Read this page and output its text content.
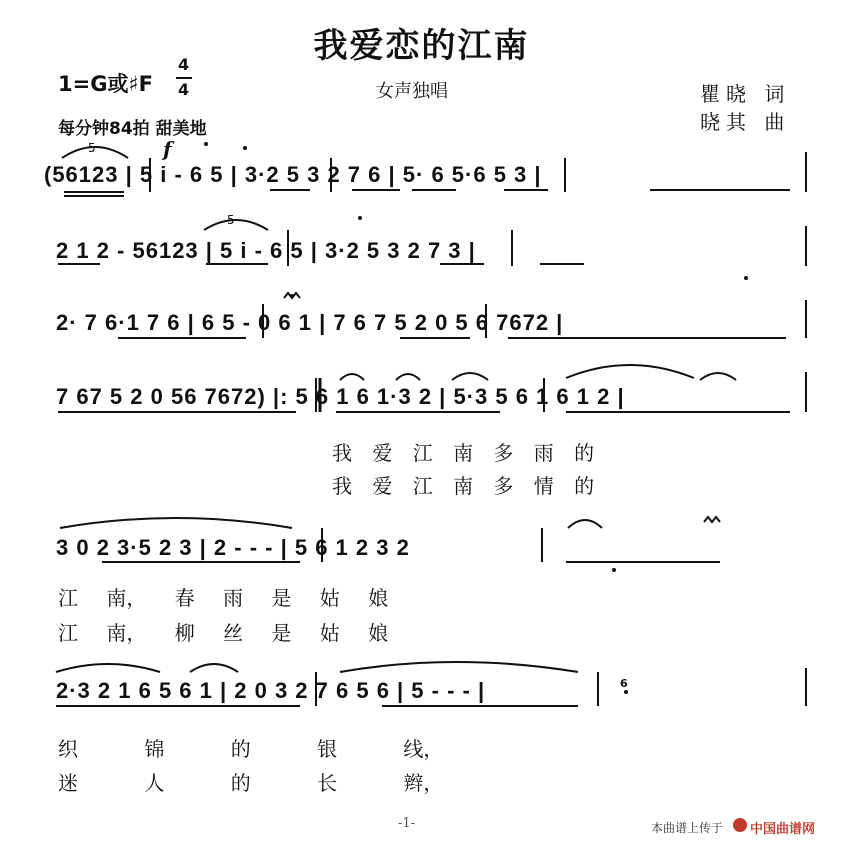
我爱恋的江南
1=G或♯F
4
4
每分钟84拍 甜美地
女声独唱	瞿晓 词
晓其 曲
f
5
5
6
(56123 | 5 i - 6 5 | 3·2 5 3 2 7 6 | 5· 6 5·6 5 3 |
2 1 2 - 56123 | 5 i - 6 5 | 3·2 5 3 2 7 3 |
2· 7 6·1 7 6 | 6 5 - 0 6 1 | 7 6 7 5 2 0 5 6 7672 |
7 67 5 2 0 56 7672) |: 5 6 1 6 1·3 2 | 5·3 5 6 1 6 1 2 |
3 0 2 3·5 2 3 | 2 - - - | 5 6 1 2 3 2
2·3 2 1 6 5 6 1 | 2 0 3 2 7 6 5 6 | 5 - - - |
我 爱 江 南 多 雨 的
我 爱 江 南 多 情 的
江 南， 春 雨 是 姑 娘
江 南， 柳 丝 是 姑 娘
织 锦 的 银 线，
迷 人 的 长 辫，
-1-	本曲谱上传于 中国曲谱网
